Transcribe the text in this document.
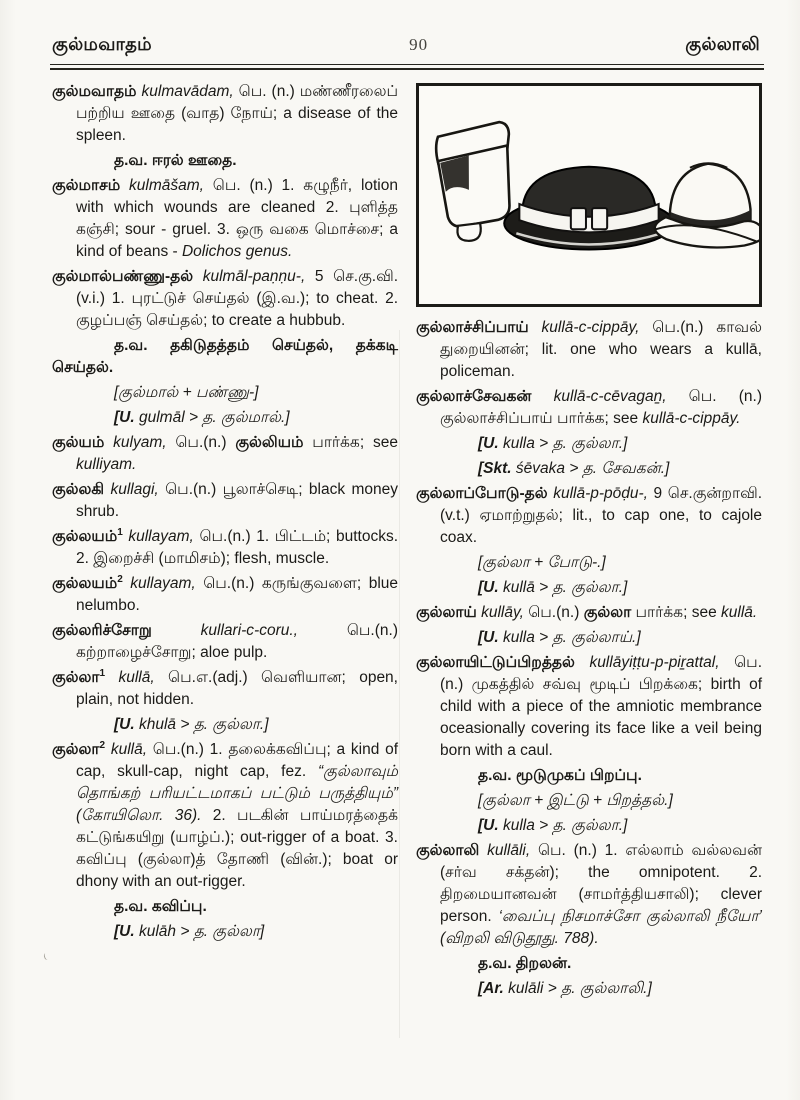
குல்மவாதம்	90	குல்லாலி

குல்மவாதம் kulmavādam, பெ. (n.) மண்ணீரலைப் பற்றிய ஊதை (வாத) நோய்; a disease of the spleen.

த.வ. ஈரல் ஊதை.

குல்மாசம் kulmāšam, பெ. (n.) 1. கழுநீர், lotion with which wounds are cleaned 2. புளித்த கஞ்சி; sour - gruel. 3. ஒரு வகை மொச்சை; a kind of beans - Dolichos genus.

குல்மால்பண்ணு-தல் kulmāl-paṇṇu-, 5 செ.கு.வி. (v.i.) 1. புரட்டுச் செய்தல் (இ.வ.); to cheat. 2. குழப்பஞ் செய்தல்; to create a hubbub.

த.வ. தகிடுதத்தம் செய்தல், தக்கடி செய்தல்.

[குல்மால் + பண்ணு-]

[U. gulmāl > த. குல்மால்.]

குல்யம் kulyam, பெ.(n.) குல்லியம் பார்க்க; see kulliyam.

குல்லகி kullagi, பெ.(n.) பூலாச்செடி; black money shrub.

குல்லயம்$^1$ kullayam, பெ.(n.) 1. பிட்டம்; buttocks. 2. இறைச்சி (மாமிசம்); flesh, muscle.

குல்லயம்$^2$ kullayam, பெ.(n.) கருங்குவளை; blue nelumbo.

குல்லரிச்சோறு kullari-c-coru., பெ.(n.) கற்றாழைச்சோறு; aloe pulp.

குல்லா$^1$ kullā, பெ.எ.(adj.) வெளியான; open, plain, not hidden.

[U. khulā > த. குல்லா.]

குல்லா$^2$ kullā, பெ.(n.) 1. தலைக்கவிப்பு; a kind of cap, skull-cap, night cap, fez. “குல்லாவும் தொங்கற் பரியட்டமாகப் பட்டும் பருத்தியும்” (கோயிலொ. 36). 2. படகின் பாய்மரத்தைக் கட்டுங்கயிறு (யாழ்ப்.); out-rigger of a boat. 3. கவிப்பு (குல்லா)த் தோணி (வின்.); boat or dhony with an out-rigger.

த.வ. கவிப்பு.

[U. kulāh > த. குல்லா]

குல்லாச்சிப்பாய் kullā-c-cippāy, பெ.(n.) காவல் துறையினன்; lit. one who wears a kullā, policeman.

குல்லாச்சேவகன் kullā-c-cēvagaṉ, பெ. (n.) குல்லாச்சிப்பாய் பார்க்க; see kullā-c-cippāy.

[U. kulla > த. குல்லா.]

[Skt. śēvaka > த. சேவகன்.]

குல்லாப்போடு-தல் kullā-p-pōḍu-, 9 செ.குன்றாவி.(v.t.) ஏமாற்றுதல்; lit., to cap one, to cajole coax.

[குல்லா + போடு-.]

[U. kullā > த. குல்லா.]

குல்லாய் kullāy, பெ.(n.) குல்லா பார்க்க; see kullā.

[U. kulla > த. குல்லாய்.]

குல்லாயிட்டுப்பிறத்தல் kullāyiṭṭu-p-piṟattal, பெ.(n.) முகத்தில் சவ்வு மூடிப் பிறக்கை; birth of child with a piece of the amniotic membrance oceasionally covering its face like a veil being born with a caul.

த.வ. மூடுமுகப் பிறப்பு.

[குல்லா + இட்டு + பிறத்தல்.]

[U. kulla > த. குல்லா.]

குல்லாலி kullāli, பெ. (n.) 1. எல்லாம் வல்லவன் (சர்வ சக்தன்); the omnipotent. 2. திறமையானவன் (சாமர்த்தியசாலி); clever person. ‘வைப்பு நிசமாச்சோ குல்லாலி நீயோ’ (விறலி விடுதூது. 788).

த.வ. திறலன்.

[Ar. kulāli > த. குல்லாலி.]
